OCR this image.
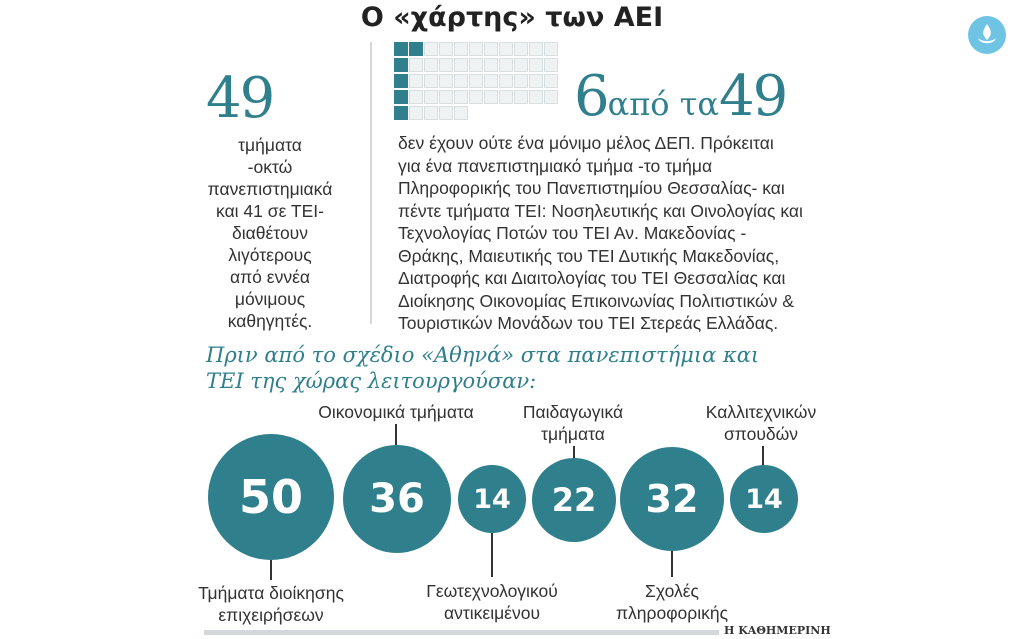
Ο «χάρτης» των ΑΕΙ
49
τμήματα
-οκτώ
πανεπιστημιακά
και 41 σε ΤΕΙ-
διαθέτουν
λιγότερους
από εννέα
μόνιμους
καθηγητές.
6από τα49
δεν έχουν ούτε ένα μόνιμο μέλος ΔΕΠ. Πρόκειται
για ένα πανεπιστημιακό τμήμα -το τμήμα
Πληροφορικής του Πανεπιστημίου Θεσσαλίας- και
πέντε τμήματα ΤΕΙ: Νοσηλευτικής και Οινολογίας και
Τεχνολογίας Ποτών του ΤΕΙ Αν. Μακεδονίας -
Θράκης, Μαιευτικής του ΤΕΙ Δυτικής Μακεδονίας,
Διατροφής και Διαιτολογίας του ΤΕΙ Θεσσαλίας και
Διοίκησης Οικονομίας Επικοινωνίας Πολιτιστικών &
Τουριστικών Μονάδων του ΤΕΙ Στερεάς Ελλάδας.
Πριν από το σχέδιο «Αθηνά» στα πανεπιστήμια και
ΤΕΙ της χώρας λειτουργούσαν:
50
Τμήματα διοίκησης
επιχειρήσεων
Οικονομικά τμήματα
36	14
Γεωτεχνολογικού
αντικειμένου
Παιδαγωγικά
τμήματα
22	32
Σχολές
πληροφορικής
Καλλιτεχνικών
σπουδών
14
Η ΚΑΘΗΜΕΡΙΝΗ
